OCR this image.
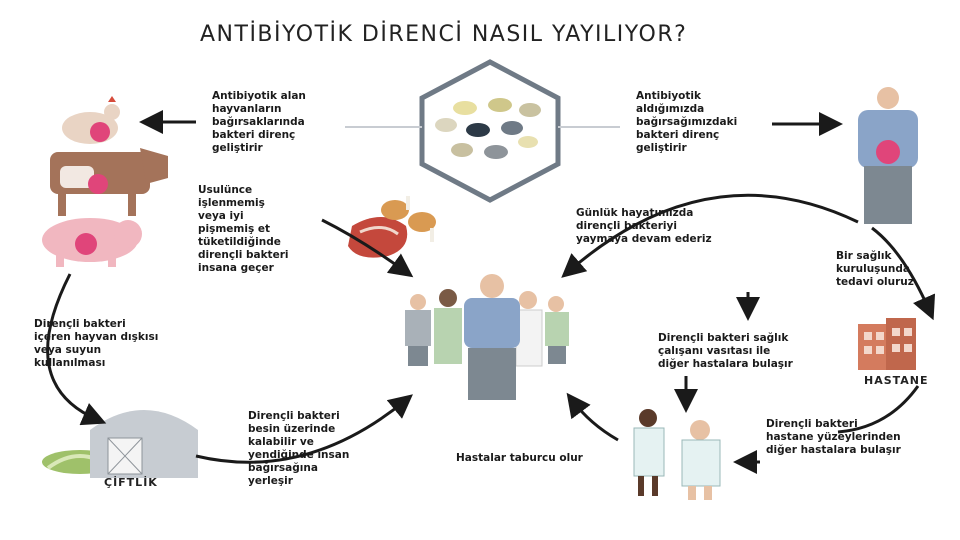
ANTİBİYOTİK DİRENCİ NASIL YAYILIYOR?
Antibiyotik alan
hayvanların
bağırsaklarında
bakteri direnç
geliştirir
Antibiyotik
aldığımızda
bağırsağımızdaki
bakteri direnç
geliştirir
Usulünce
işlenmemiş
veya iyi
pişmemiş et
tüketildiğinde
dirençli bakteri
insana geçer
Günlük hayatımızda
dirençli bakteriyi
yaymaya devam ederiz
Bir sağlık
kuruluşunda
tedavi oluruz
Dirençli bakteri
içeren hayvan dışkısı
veya suyun
kullanılması
Dirençli bakteri sağlık
çalışanı vasıtası ile
diğer hastalara bulaşır
Dirençli bakteri
besin üzerinde
kalabilir ve
yendiğinde insan
bağırsağına
yerleşir
Hastalar taburcu olur
Dirençli bakteri
hastane yüzeylerinden
diğer hastalara bulaşır
ÇİFTLİK
HASTANE
